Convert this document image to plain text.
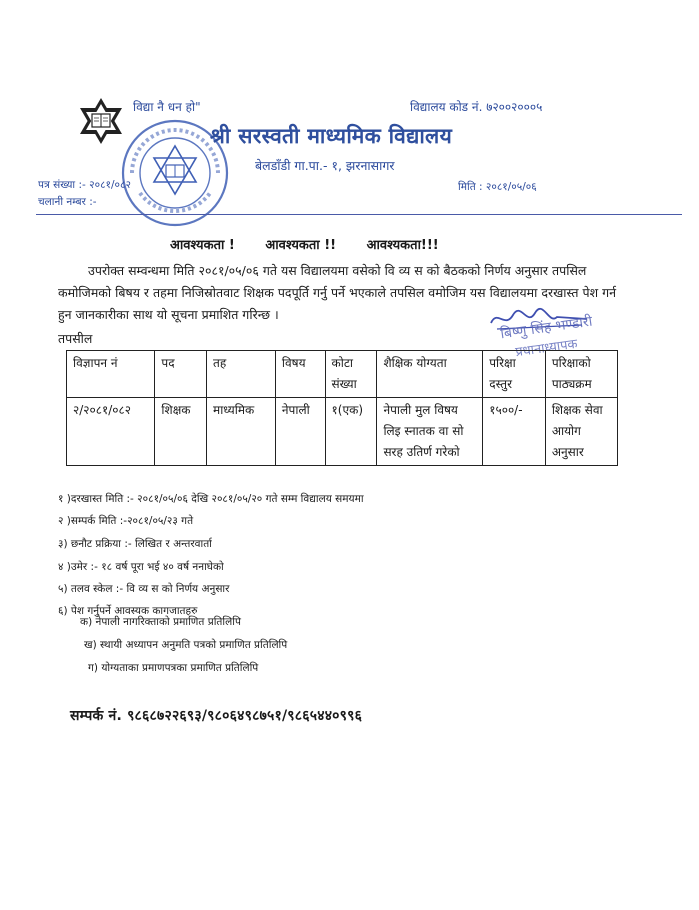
विद्या नै धन हो"	विद्यालय कोड नं. ७२००२०००५
श्री सरस्वती माध्यमिक विद्यालय
बेलडाँडी गा.पा.- १, झरनासागर
पत्र संख्या :- २०८१/०८२
चलानी नम्बर :-
मिति : २०८१/०५/०६
आवश्यकता ! आवश्यकता !! आवश्यकता!!!
उपरोक्त सम्वन्धमा मिति २०८१/०५/०६ गते यस विद्यालयमा वसेको वि व्य स को बैठकको निर्णय अनुसार तपसिल कमोजिमको बिषय र तहमा निजिस्रोतवाट शिक्षक पदपूर्ति गर्नु पर्ने भएकाले तपसिल वमोजिम यस विद्यालयमा दरखास्त पेश गर्न हुन जानकारीका साथ यो सूचना प्रमाशित गरिन्छ ।
तपसील	बिष्णु सिंह भण्डारी
प्रधानाध्यापक
विज्ञापन नं	पद	तह	विषय	कोटा संख्या	शैक्षिक योग्यता	परिक्षा दस्तुर	परिक्षाको पाठ्यक्रम
२/२०८१/०८२	शिक्षक	माध्यमिक	नेपाली	१(एक)	नेपाली मुल विषय लिइ स्नातक वा सो सरह उतिर्ण गरेको	१५००/-	शिक्षक सेवा आयोग अनुसार
१ )दरखास्त मिति :- २०८१/०५/०६ देखि २०८१/०५/२० गते सम्म विद्यालय समयमा
२ )सम्पर्क मिति :-२०८१/०५/२३ गते
३) छनौट प्रक्रिया :- लिखित र अन्तरवार्ता
४ )उमेर :- १८ वर्ष पूरा भई ४० वर्ष ननाघेको
५) तलव स्केल :- वि व्य स को निर्णय अनुसार
६) पेश गर्नुपर्ने आवस्यक कागजातहरु
क) नेपाली नागरिक्ताको प्रमाणित प्रतिलिपि
ख) स्थायी अध्यापन अनुमति पत्रको प्रमाणित प्रतिलिपि
ग) योग्यताका प्रमाणपत्रका प्रमाणित प्रतिलिपि
सम्पर्क नं. ९८६८७२२६९३/९८०६४९८७५१/९८६५४४०९९६
